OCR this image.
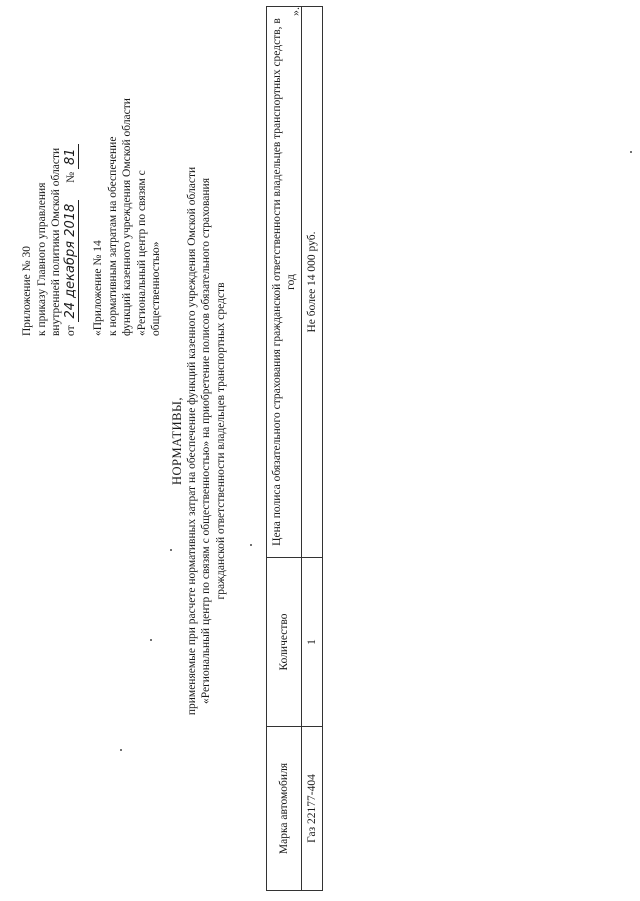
Приложение № 30 к приказу Главного управления внутренней политики Омской области от 24 декабря 2018 № 81
«Приложение № 14 к нормативным затратам на обеспечение функций казенного учреждения Омской области «Региональный центр по связям с общественностью»
НОРМАТИВЫ, применяемые при расчете нормативных затрат на обеспечение функций казенного учреждения Омской области «Региональный центр по связям с общественностью» на приобретение полисов обязательного страхования гражданской ответственности владельцев транспортных средств
Марка автомобиля	Количество	Цена полиса обязательного страхования гражданской ответственности владельцев транспортных средств, в год
Газ 22177-404	1	Не более 14 000 руб.
».
